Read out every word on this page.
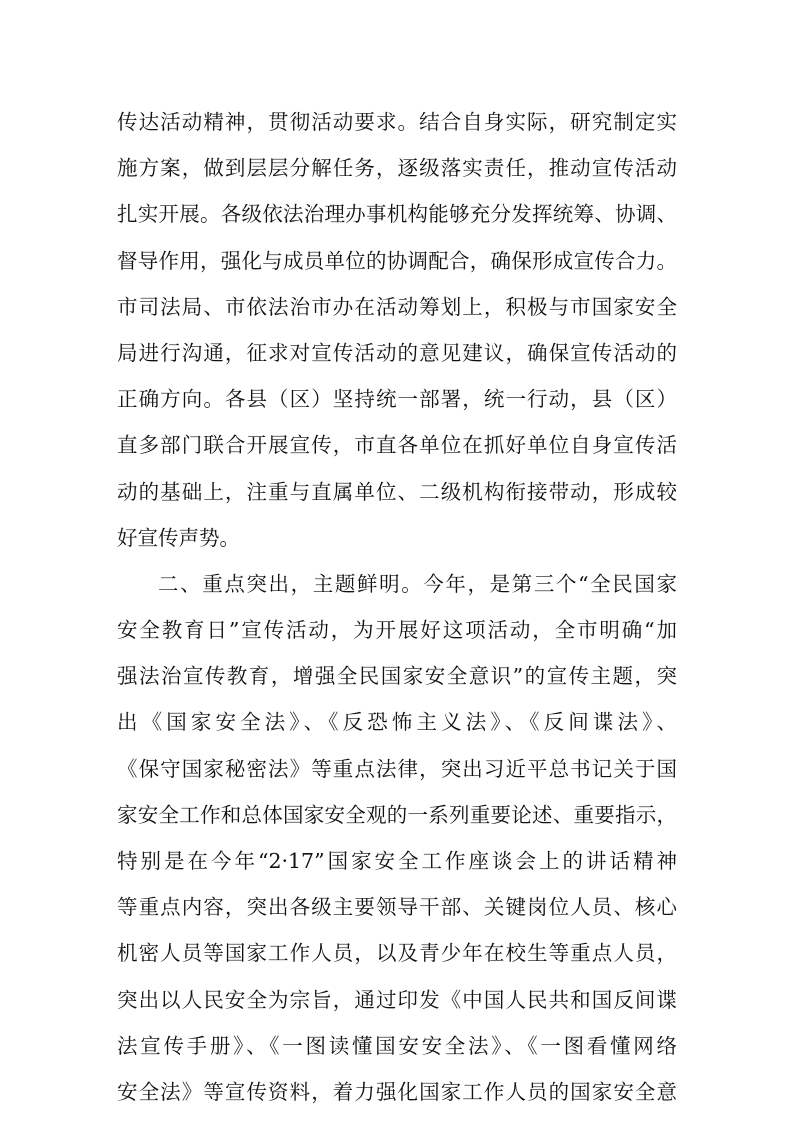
传达活动精神，贯彻活动要求。结合自身实际，研究制定实
施方案，做到层层分解任务，逐级落实责任，推动宣传活动
扎实开展。各级依法治理办事机构能够充分发挥统筹、协调、
督导作用，强化与成员单位的协调配合，确保形成宣传合力。
市司法局、市依法治市办在活动筹划上，积极与市国家安全
局进行沟通，征求对宣传活动的意见建议，确保宣传活动的
正确方向。各县（区）坚持统一部署，统一行动，县（区）
直多部门联合开展宣传，市直各单位在抓好单位自身宣传活
动的基础上，注重与直属单位、二级机构衔接带动，形成较
好宣传声势。
二、重点突出，主题鲜明。今年，是第三个“全民国家
安全教育日”宣传活动，为开展好这项活动，全市明确“加
强法治宣传教育，增强全民国家安全意识”的宣传主题，突
出《国家安全法》、《反恐怖主义法》、《反间谍法》、
《保守国家秘密法》等重点法律，突出习近平总书记关于国
家安全工作和总体国家安全观的一系列重要论述、重要指示，
特别是在今年“2·17”国家安全工作座谈会上的讲话精神
等重点内容，突出各级主要领导干部、关键岗位人员、核心
机密人员等国家工作人员，以及青少年在校生等重点人员，
突出以人民安全为宗旨，通过印发《中国人民共和国反间谍
法宣传手册》、《一图读懂国安安全法》、《一图看懂网络
安全法》等宣传资料，着力强化国家工作人员的国家安全意
